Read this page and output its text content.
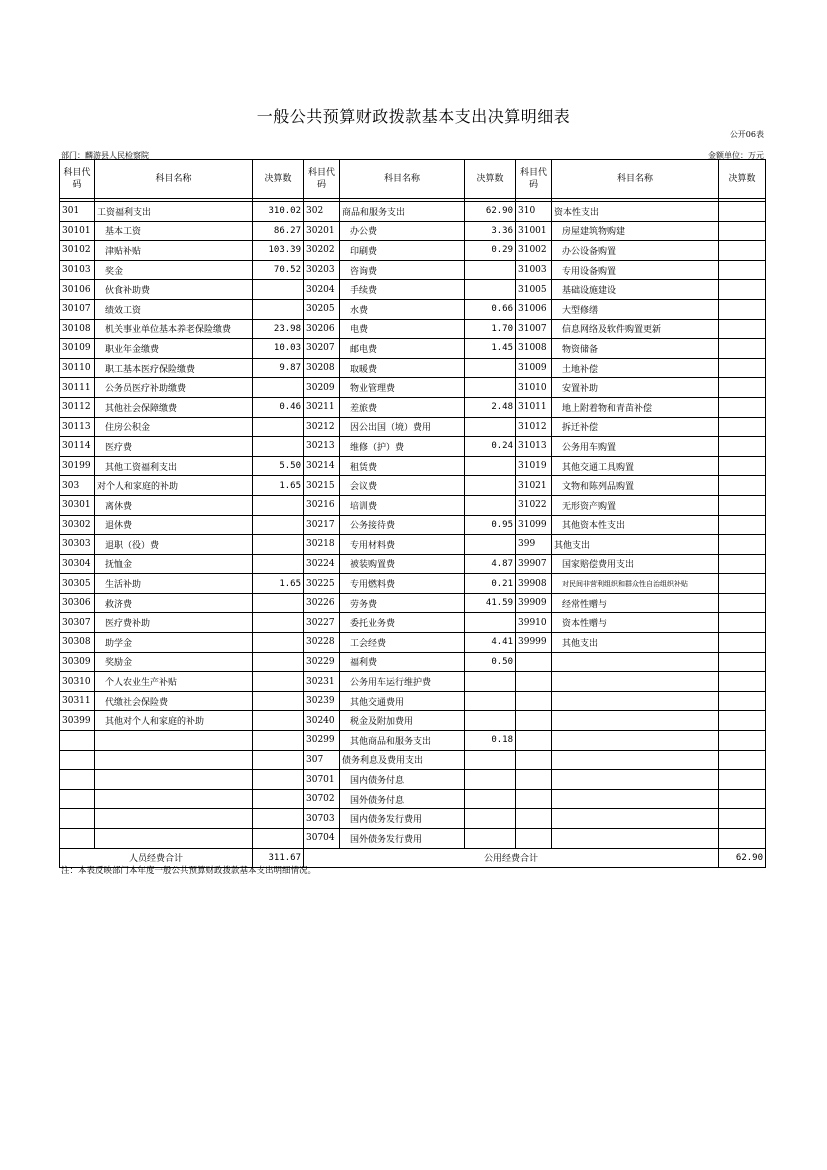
一般公共预算财政拨款基本支出决算明细表
公开06表
部门：麟游县人民检察院	金额单位：万元
科目代码	科目名称	决算数	科目代码	科目名称	决算数	科目代码	科目名称	决算数

301	工资福利支出	310.02	302	商品和服务支出	62.90	310	资本性支出	
30101	基本工资	86.27	30201	办公费	3.36	31001	房屋建筑物购建	
30102	津贴补贴	103.39	30202	印刷费	0.29	31002	办公设备购置	
30103	奖金	70.52	30203	咨询费		31003	专用设备购置	
30106	伙食补助费		30204	手续费		31005	基础设施建设	
30107	绩效工资		30205	水费	0.66	31006	大型修缮	
30108	机关事业单位基本养老保险缴费	23.98	30206	电费	1.70	31007	信息网络及软件购置更新	
30109	职业年金缴费	10.03	30207	邮电费	1.45	31008	物资储备	
30110	职工基本医疗保险缴费	9.87	30208	取暖费		31009	土地补偿	
30111	公务员医疗补助缴费		30209	物业管理费		31010	安置补助	
30112	其他社会保障缴费	0.46	30211	差旅费	2.48	31011	地上附着物和青苗补偿	
30113	住房公积金		30212	因公出国（境）费用		31012	拆迁补偿	
30114	医疗费		30213	维修（护）费	0.24	31013	公务用车购置	
30199	其他工资福利支出	5.50	30214	租赁费		31019	其他交通工具购置	
303	对个人和家庭的补助	1.65	30215	会议费		31021	文物和陈列品购置	
30301	离休费		30216	培训费		31022	无形资产购置	
30302	退休费		30217	公务接待费	0.95	31099	其他资本性支出	
30303	退职（役）费		30218	专用材料费		399	其他支出	
30304	抚恤金		30224	被装购置费	4.87	39907	国家赔偿费用支出	
30305	生活补助	1.65	30225	专用燃料费	0.21	39908	对民间非营利组织和群众性自治组织补贴	
30306	救济费		30226	劳务费	41.59	39909	经常性赠与	
30307	医疗费补助		30227	委托业务费		39910	资本性赠与	
30308	助学金		30228	工会经费	4.41	39999	其他支出	
30309	奖励金		30229	福利费	0.50			
30310	个人农业生产补贴		30231	公务用车运行维护费				
30311	代缴社会保险费		30239	其他交通费用				
30399	其他对个人和家庭的补助		30240	税金及附加费用				
			30299	其他商品和服务支出	0.18			
			307	债务利息及费用支出				
			30701	国内债务付息				
			30702	国外债务付息				
			30703	国内债务发行费用				
			30704	国外债务发行费用				
人员经费合计		311.67	公用经费合计					62.90
注：本表反映部门本年度一般公共预算财政拨款基本支出明细情况。
